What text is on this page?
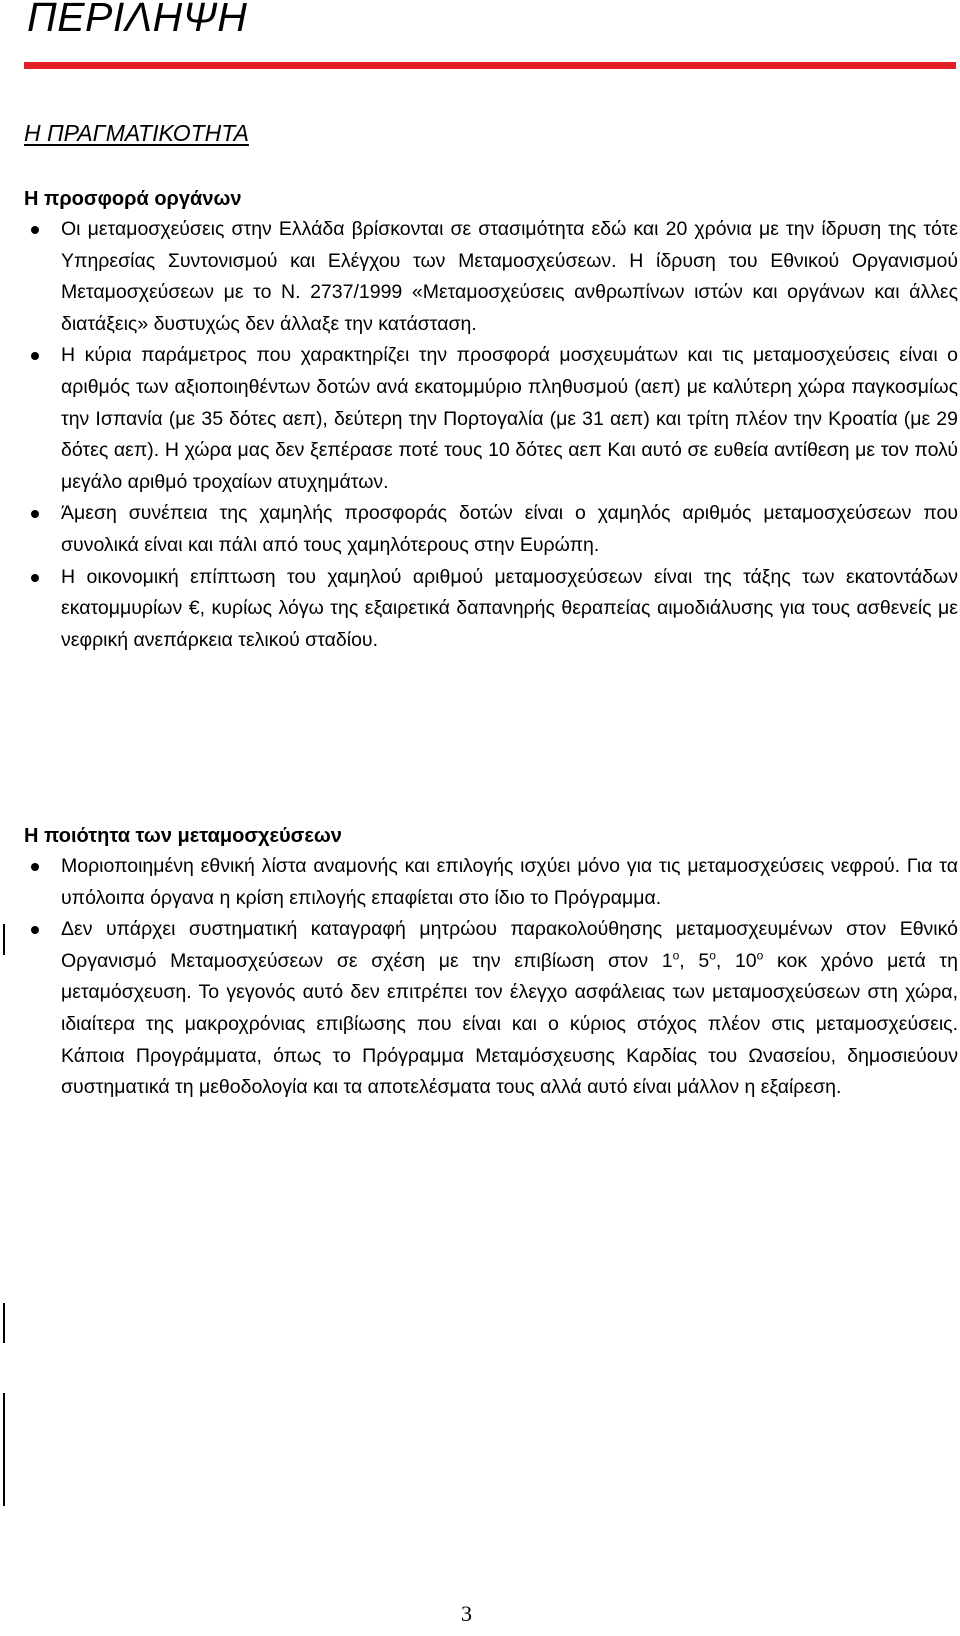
ΠΕΡΙΛΗΨΗ
Η ΠΡΑΓΜΑΤΙΚΟΤΗΤΑ

Η προσφορά οργάνων

Οι μεταμοσχεύσεις στην Ελλάδα βρίσκονται σε στασιμότητα εδώ και 20 χρόνια με την ίδρυση της τότε Υπηρεσίας Συντονισμού και Ελέγχου των Μεταμοσχεύσεων. Η ίδρυση του Εθνικού Οργανισμού Μεταμοσχεύσεων με το Ν. 2737/1999 «Μεταμοσχεύσεις ανθρωπίνων ιστών και οργάνων και άλλες διατάξεις» δυστυχώς δεν άλλαξε την κατάσταση.
Η κύρια παράμετρος που χαρακτηρίζει την προσφορά μοσχευμάτων και τις μεταμοσχεύσεις είναι ο αριθμός των αξιοποιηθέντων δοτών ανά εκατομμύριο πληθυσμού (αεπ) με καλύτερη χώρα παγκοσμίως την Ισπανία (με 35 δότες αεπ), δεύτερη την Πορτογαλία (με 31 αεπ) και τρίτη πλέον την Κροατία (με 29 δότες αεπ). Η χώρα μας δεν ξεπέρασε ποτέ τους 10 δότες αεπ Και αυτό σε ευθεία αντίθεση με τον πολύ μεγάλο αριθμό τροχαίων ατυχημάτων.
Άμεση συνέπεια της χαμηλής προσφοράς δοτών είναι ο χαμηλός αριθμός μεταμοσχεύσεων που συνολικά είναι και πάλι από τους χαμηλότερους στην Ευρώπη.
Η οικονομική επίπτωση του χαμηλού αριθμού μεταμοσχεύσεων είναι της τάξης των εκατοντάδων εκατομμυρίων €, κυρίως λόγω της εξαιρετικά δαπανηρής θεραπείας αιμοδιάλυσης για τους ασθενείς με νεφρική ανεπάρκεια τελικού σταδίου.

Η ποιότητα των μεταμοσχεύσεων

Μοριοποιημένη εθνική λίστα αναμονής και επιλογής ισχύει μόνο για τις μεταμοσχεύσεις νεφρού. Για τα υπόλοιπα όργανα η κρίση επιλογής επαφίεται στο ίδιο το Πρόγραμμα.
Δεν υπάρχει συστηματική καταγραφή μητρώου παρακολούθησης μεταμοσχευμένων στον Εθνικό Οργανισμό Μεταμοσχεύσεων σε σχέση με την επιβίωση στον $1^o$, $5^o$, $10^o$ κοκ χρόνο μετά τη μεταμόσχευση. Το γεγονός αυτό δεν επιτρέπει τον έλεγχο ασφάλειας των μεταμοσχεύσεων στη χώρα, ιδιαίτερα της μακροχρόνιας επιβίωσης που είναι και ο κύριος στόχος πλέον στις μεταμοσχεύσεις. Κάποια Προγράμματα, όπως το Πρόγραμμα Μεταμόσχευσης Καρδίας του Ωνασείου, δημοσιεύουν συστηματικά τη μεθοδολογία και τα αποτελέσματα τους αλλά αυτό είναι μάλλον η εξαίρεση.

3
